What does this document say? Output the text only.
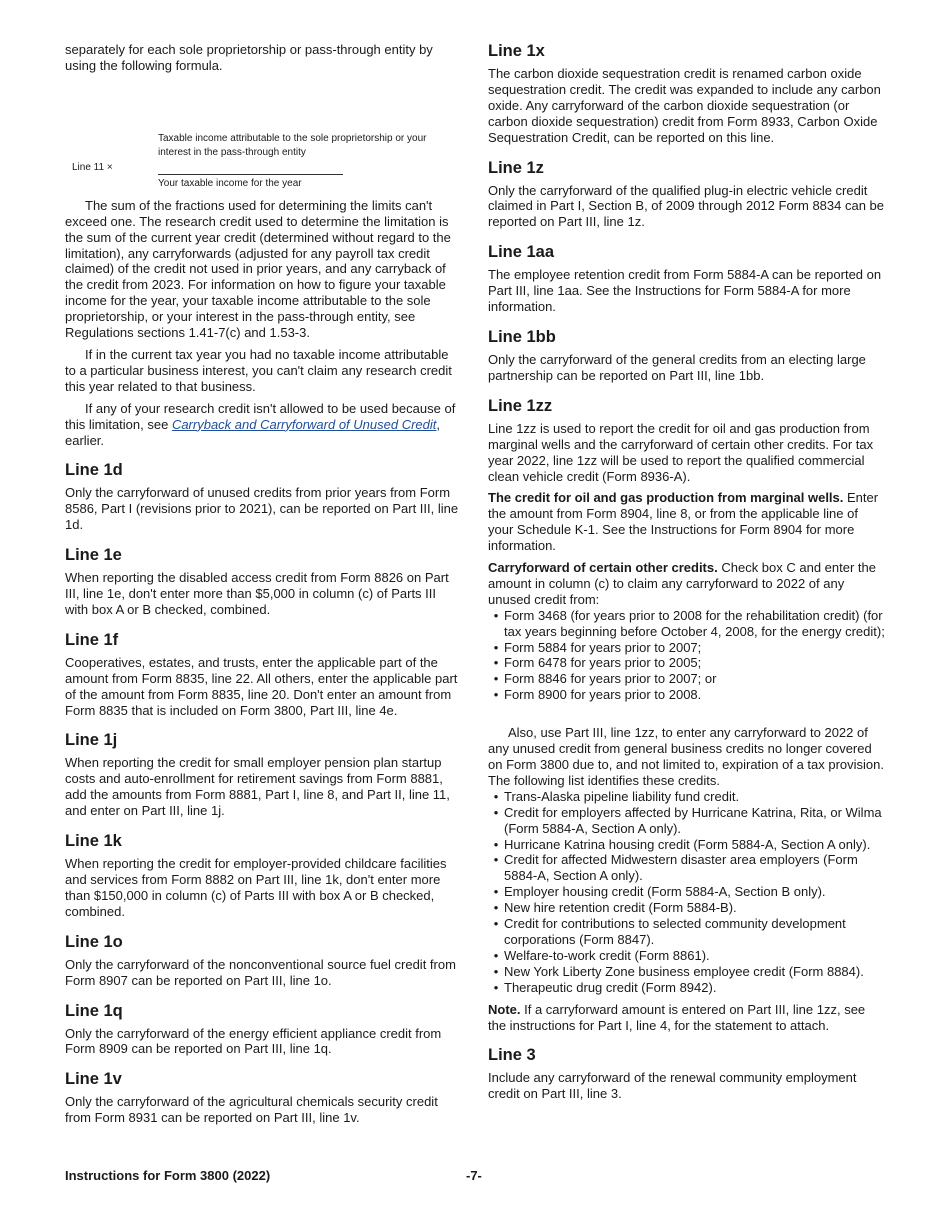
separately for each sole proprietorship or pass-through entity by using the following formula.

Line 11 ×
Taxable income attributable to the sole proprietorship or your interest in the pass-through entity
Your taxable income for the year

The sum of the fractions used for determining the limits can't exceed one. The research credit used to determine the limitation is the sum of the current year credit (determined without regard to the limitation), any carryforwards (adjusted for any payroll tax credit claimed) of the credit not used in prior years, and any carryback of the credit from 2023. For information on how to figure your taxable income for the year, your taxable income attributable to the sole proprietorship, or your interest in the pass-through entity, see Regulations sections 1.41-7(c) and 1.53-3.

If in the current tax year you had no taxable income attributable to a particular business interest, you can't claim any research credit this year related to that business.

If any of your research credit isn't allowed to be used because of this limitation, see Carryback and Carryforward of Unused Credit, earlier.

Line 1d

Only the carryforward of unused credits from prior years from Form 8586, Part I (revisions prior to 2021), can be reported on Part III, line 1d.

Line 1e

When reporting the disabled access credit from Form 8826 on Part III, line 1e, don't enter more than $5,000 in column (c) of Parts III with box A or B checked, combined.

Line 1f

Cooperatives, estates, and trusts, enter the applicable part of the amount from Form 8835, line 22. All others, enter the applicable part of the amount from Form 8835, line 20. Don't enter an amount from Form 8835 that is included on Form 3800, Part III, line 4e.

Line 1j

When reporting the credit for small employer pension plan startup costs and auto-enrollment for retirement savings from Form 8881, add the amounts from Form 8881, Part I, line 8, and Part II, line 11, and enter on Part III, line 1j.

Line 1k

When reporting the credit for employer-provided childcare facilities and services from Form 8882 on Part III, line 1k, don't enter more than $150,000 in column (c) of Parts III with box A or B checked, combined.

Line 1o

Only the carryforward of the nonconventional source fuel credit from Form 8907 can be reported on Part III, line 1o.

Line 1q

Only the carryforward of the energy efficient appliance credit from Form 8909 can be reported on Part III, line 1q.

Line 1v

Only the carryforward of the agricultural chemicals security credit from Form 8931 can be reported on Part III, line 1v.

Line 1x

The carbon dioxide sequestration credit is renamed carbon oxide sequestration credit. The credit was expanded to include any carbon oxide. Any carryforward of the carbon dioxide sequestration (or carbon dioxide sequestration) credit from Form 8933, Carbon Oxide Sequestration Credit, can be reported on this line.

Line 1z

Only the carryforward of the qualified plug-in electric vehicle credit claimed in Part I, Section B, of 2009 through 2012 Form 8834 can be reported on Part III, line 1z.

Line 1aa

The employee retention credit from Form 5884-A can be reported on Part III, line 1aa. See the Instructions for Form 5884-A for more information.

Line 1bb

Only the carryforward of the general credits from an electing large partnership can be reported on Part III, line 1bb.

Line 1zz

Line 1zz is used to report the credit for oil and gas production from marginal wells and the carryforward of certain other credits. For tax year 2022, line 1zz will be used to report the qualified commercial clean vehicle credit (Form 8936-A).

The credit for oil and gas production from marginal wells. Enter the amount from Form 8904, line 8, or from the applicable line of your Schedule K-1. See the Instructions for Form 8904 for more information.

Carryforward of certain other credits. Check box C and enter the amount in column (c) to claim any carryforward to 2022 of any unused credit from:

• Form 3468 (for years prior to 2008 for the rehabilitation credit) (for tax years beginning before October 4, 2008, for the energy credit);
• Form 5884 for years prior to 2007;
• Form 6478 for years prior to 2005;
• Form 8846 for years prior to 2007; or
• Form 8900 for years prior to 2008.

Also, use Part III, line 1zz, to enter any carryforward to 2022 of any unused credit from general business credits no longer covered on Form 3800 due to, and not limited to, expiration of a tax provision. The following list identifies these credits.

• Trans-Alaska pipeline liability fund credit.
• Credit for employers affected by Hurricane Katrina, Rita, or Wilma (Form 5884-A, Section A only).
• Hurricane Katrina housing credit (Form 5884-A, Section A only).
• Credit for affected Midwestern disaster area employers (Form 5884-A, Section A only).
• Employer housing credit (Form 5884-A, Section B only).
• New hire retention credit (Form 5884-B).
• Credit for contributions to selected community development corporations (Form 8847).
• Welfare-to-work credit (Form 8861).
• New York Liberty Zone business employee credit (Form 8884).
• Therapeutic drug credit (Form 8942).

Note. If a carryforward amount is entered on Part III, line 1zz, see the instructions for Part I, line 4, for the statement to attach.

Line 3

Include any carryforward of the renewal community employment credit on Part III, line 3.

Instructions for Form 3800 (2022)	-7-
